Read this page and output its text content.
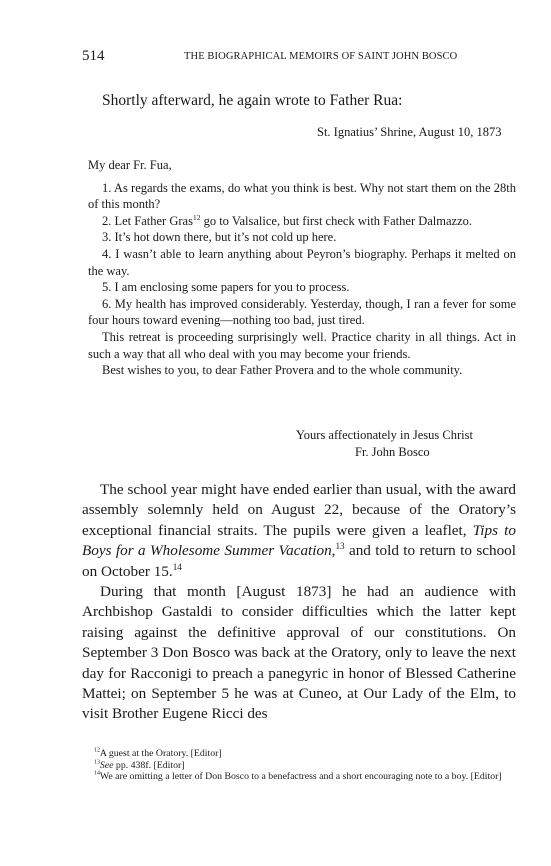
514	THE BIOGRAPHICAL MEMOIRS OF SAINT JOHN BOSCO
Shortly afterward, he again wrote to Father Rua:
St. Ignatius’ Shrine, August 10, 1873

My dear Fr. Fua,

1. As regards the exams, do what you think is best. Why not start them on the 28th of this month?

2. Let Father Gras$^{12}$ go to Valsalice, but first check with Father Dalmazzo.

3. It’s hot down there, but it’s not cold up here.

4. I wasn’t able to learn anything about Peyron’s biography. Perhaps it melted on the way.

5. I am enclosing some papers for you to process.

6. My health has improved considerably. Yesterday, though, I ran a fever for some four hours toward evening—nothing too bad, just tired.

This retreat is proceeding surprisingly well. Practice charity in all things. Act in such a way that all who deal with you may become your friends.

Best wishes to you, to dear Father Provera and to the whole community.

Yours affectionately in Jesus Christ
Fr. John Bosco

The school year might have ended earlier than usual, with the award assembly solemnly held on August 22, because of the Oratory’s exceptional financial straits. The pupils were given a leaflet, Tips to Boys for a Wholesome Summer Vacation,$^{13}$ and told to return to school on October 15.14

During that month [August 1873] he had an audience with Archbishop Gastaldi to consider difficulties which the latter kept raising against the definitive approval of our constitutions. On September 3 Don Bosco was back at the Oratory, only to leave the next day for Racconigi to preach a panegyric in honor of Blessed Catherine Mattei; on September 5 he was at Cuneo, at Our Lady of the Elm, to visit Brother Eugene Ricci des

$^{12}$A guest at the Oratory. [Editor]

$^{13}$See pp. 438f. [Editor]

$^{14}$We are omitting a letter of Don Bosco to a benefactress and a short encouraging note to a boy. [Editor]
